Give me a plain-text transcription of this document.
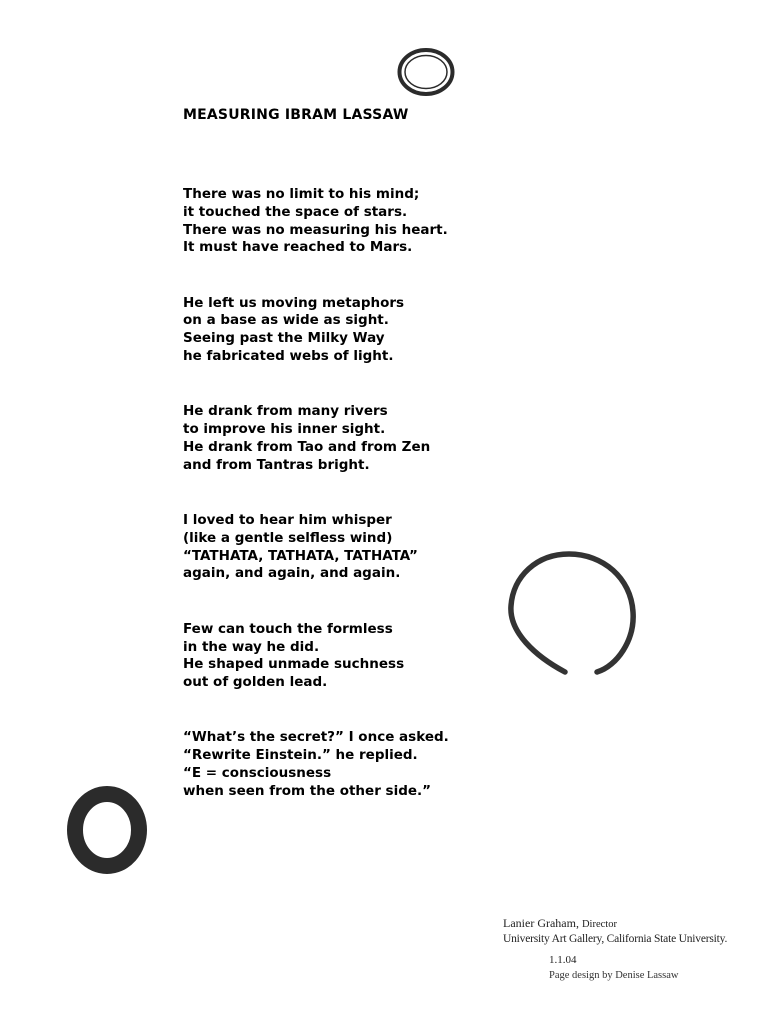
MEASURING IBRAM LASSAW
There was no limit to his mind;
it touched the space of stars.
There was no measuring his heart.
It must have reached to Mars.
He left us moving metaphors
on a base as wide as sight.
Seeing past the Milky Way
he fabricated webs of light.
He drank from many rivers
to improve his inner sight.
He drank from Tao and from Zen
and from Tantras bright.
I loved to hear him whisper
(like a gentle selfless wind)
“TATHATA, TATHATA, TATHATA”
again, and again, and again.
Few can touch the formless
in the way he did.
He shaped unmade suchness
out of golden lead.
“What’s the secret?” I once asked.
“Rewrite Einstein.” he replied.
“E = consciousness
when seen from the other side.”
Lanier Graham, Director
University Art Gallery, California State University.
1.1.04
Page design by Denise Lassaw
